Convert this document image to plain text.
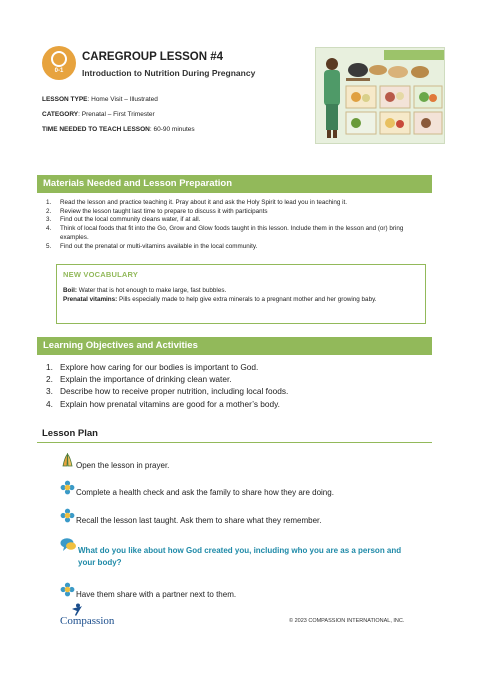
0-1
CAREGROUP LESSON #4
Introduction to Nutrition During Pregnancy
LESSON TYPE: Home Visit – Illustrated
CATEGORY: Prenatal – First Trimester
TIME NEEDED TO TEACH LESSON: 60-90 minutes
Materials Needed and Lesson Preparation
1. Read the lesson and practice teaching it. Pray about it and ask the Holy Spirit to lead you in teaching it.
2. Review the lesson taught last time to prepare to discuss it with participants
3. Find out the local community cleans water, if at all.
4. Think of local foods that fit into the Go, Grow and Glow foods taught in this lesson. Include them in the lesson and (or) bring examples.
5. Find out the prenatal or multi-vitamins available in the local community.
NEW VOCABULARY

Boil: Water that is hot enough to make large, fast bubbles.

Prenatal vitamins: Pills especially made to help give extra minerals to a pregnant mother and her growing baby.

Learning Objectives and Activities
1. Explore how caring for our bodies is important to God.
2. Explain the importance of drinking clean water.
3. Describe how to receive proper nutrition, including local foods.
4. Explain how prenatal vitamins are good for a mother’s body.
Lesson Plan
Open the lesson in prayer.
Complete a health check and ask the family to share how they are doing.
Recall the lesson last taught. Ask them to share what they remember.
What do you like about how God created you, including who you are as a person and your body?
Have them share with a partner next to them.
Compassion	© 2023 COMPASSION INTERNATIONAL, INC.
